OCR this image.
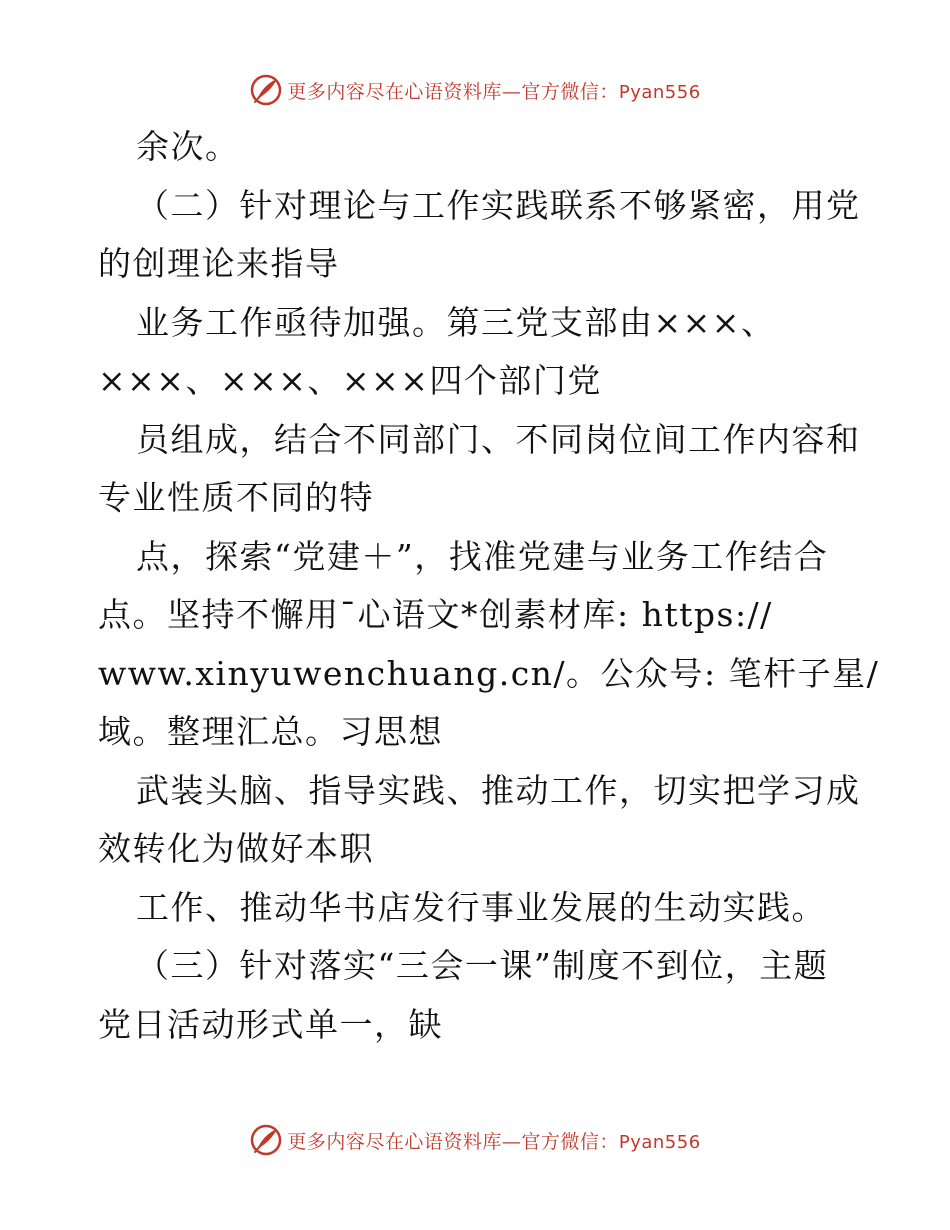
更多内容尽在心语资料库—官方微信：Pyan556
余次。
（二）针对理论与工作实践联系不够紧密，用党
的创理论来指导
业务工作亟待加强。第三党支部由×××、
×××、×××、×××四个部门党
员组成，结合不同部门、不同岗位间工作内容和
专业性质不同的特
点，探索“党建＋”，找准党建与业务工作结合
点。坚持不懈用¯心语文*创素材库: https://
www.xinyuwenchuang.cn/。公众号: 笔杆子星/
域。整理汇总。习思想
武装头脑、指导实践、推动工作，切实把学习成
效转化为做好本职
工作、推动华书店发行事业发展的生动实践。
（三）针对落实“三会一课”制度不到位，主题
党日活动形式单一，缺
更多内容尽在心语资料库—官方微信：Pyan556
